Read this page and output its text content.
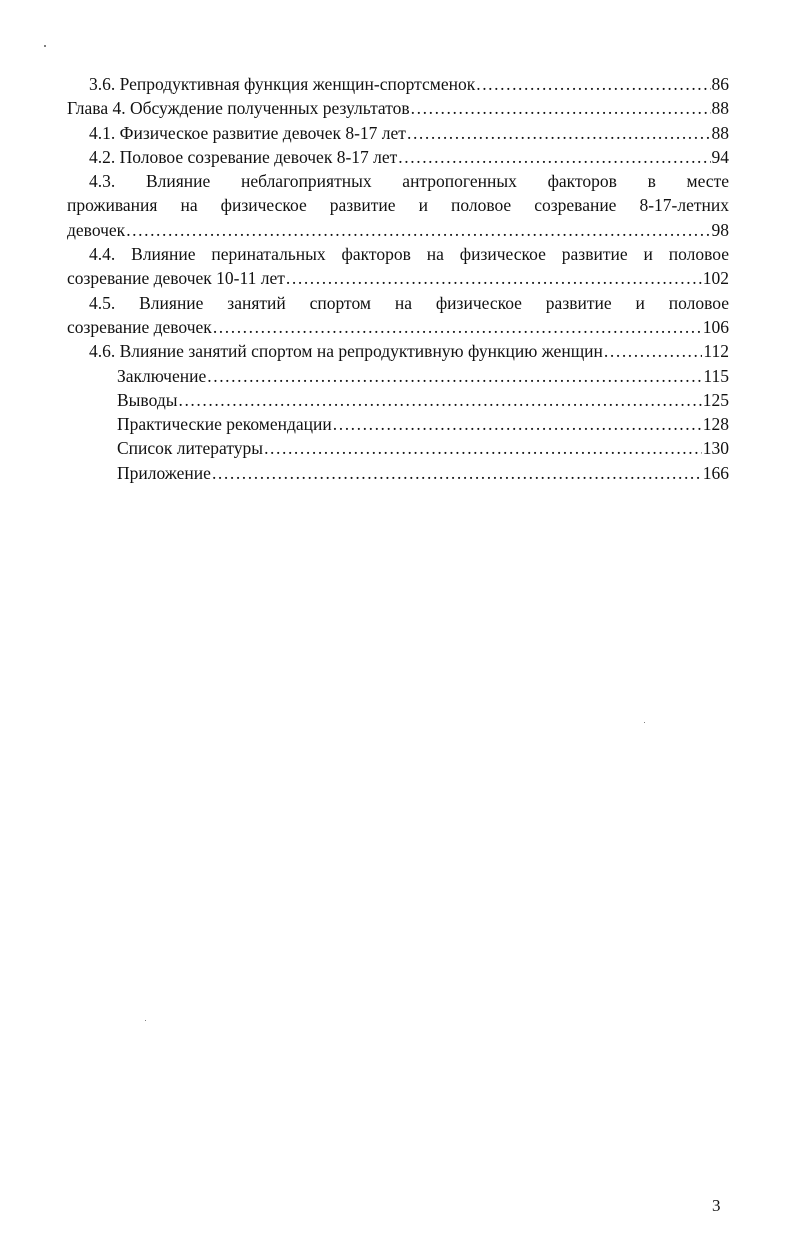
3.6. Репродуктивная функция женщин-спортсменок .....	86
Глава 4. Обсуждение полученных результатов .....	88
4.1. Физическое развитие девочек 8-17 лет .....	88
4.2. Половое созревание девочек 8-17 лет .....	94
4.3. Влияние неблагоприятных антропогенных факторов в месте
проживания на физическое развитие и половое созревание 8-17-летних
девочек .....	98
4.4. Влияние перинатальных факторов на физическое развитие и половое
созревание девочек 10-11 лет .....	102
4.5. Влияние занятий спортом на физическое развитие и половое
созревание девочек .....	106
4.6. Влияние занятий спортом на репродуктивную функцию женщин .....	112
Заключение .....	115
Выводы .....	125
Практические рекомендации .....	128
Список литературы .....	130
Приложение .....	166
3
